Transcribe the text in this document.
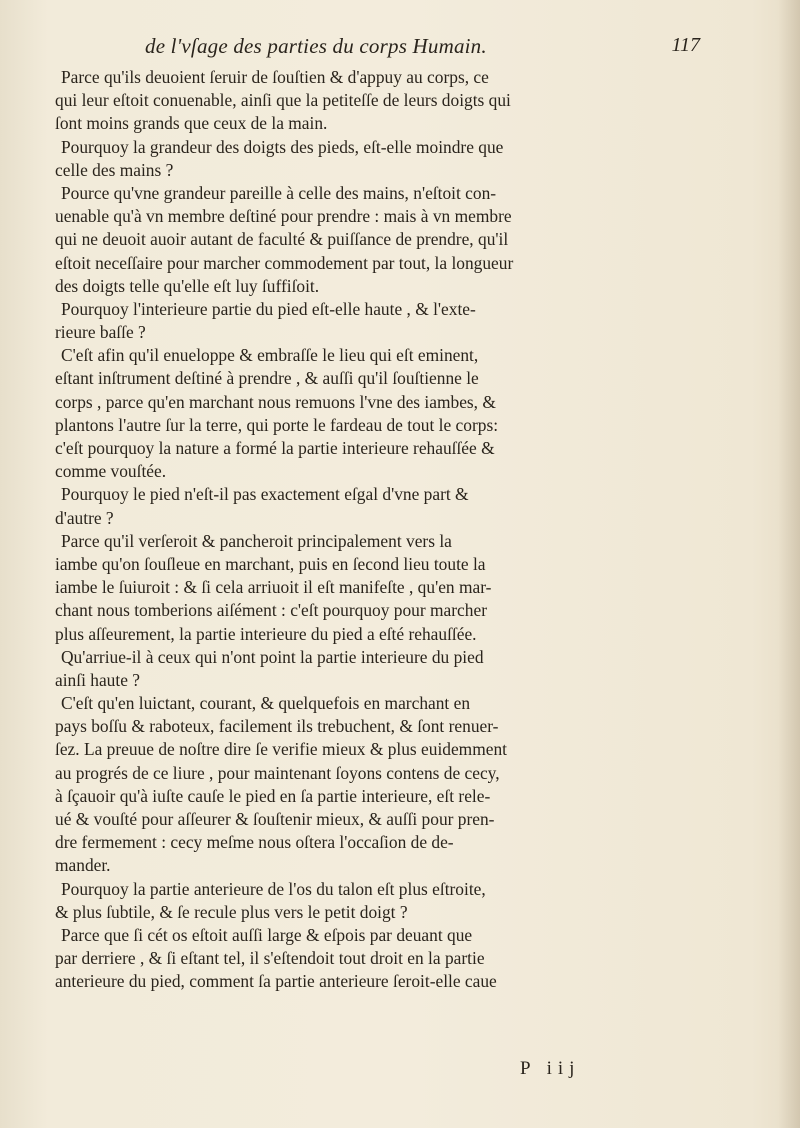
de l'vſage des parties du corps Humain.	117
Parce qu'ils deuoient ſeruir de ſouſtien & d'appuy au corps, ce
qui leur eſtoit conuenable, ainſi que la petiteſſe de leurs doigts qui
ſont moins grands que ceux de la main.
Pourquoy la grandeur des doigts des pieds, eſt-elle moindre que
celle des mains ?
Pource qu'vne grandeur pareille à celle des mains, n'eſtoit con-
uenable qu'à vn membre deſtiné pour prendre : mais à vn membre
qui ne deuoit auoir autant de faculté & puiſſance de prendre, qu'il
eſtoit neceſſaire pour marcher commodement par tout, la longueur
des doigts telle qu'elle eſt luy ſuffiſoit.
Pourquoy l'interieure partie du pied eſt-elle haute , & l'exte-
rieure baſſe ?
C'eſt afin qu'il enueloppe & embraſſe le lieu qui eſt eminent,
eſtant inſtrument deſtiné à prendre , & auſſi qu'il ſouſtienne le
corps , parce qu'en marchant nous remuons l'vne des iambes, &
plantons l'autre ſur la terre, qui porte le fardeau de tout le corps:
c'eſt pourquoy la nature a formé la partie interieure rehauſſée &
comme vouſtée.
Pourquoy le pied n'eſt-il pas exactement eſgal d'vne part &
d'autre ?
Parce qu'il verſeroit & pancheroit principalement vers la
iambe qu'on ſouſleue en marchant, puis en ſecond lieu toute la
iambe le ſuiuroit : & ſi cela arriuoit il eſt manifeſte , qu'en mar-
chant nous tomberions aiſément : c'eſt pourquoy pour marcher
plus aſſeurement, la partie interieure du pied a eſté rehauſſée.
Qu'arriue-il à ceux qui n'ont point la partie interieure du pied
ainſi haute ?
C'eſt qu'en luictant, courant, & quelquefois en marchant en
pays boſſu & raboteux, facilement ils trebuchent, & ſont renuer-
ſez. La preuue de noſtre dire ſe verifie mieux & plus euidemment
au progrés de ce liure , pour maintenant ſoyons contens de cecy,
à ſçauoir qu'à iuſte cauſe le pied en ſa partie interieure, eſt rele-
ué & vouſté pour aſſeurer & ſouſtenir mieux, & auſſi pour pren-
dre fermement : cecy meſme nous oſtera l'occaſion de de-
mander.
Pourquoy la partie anterieure de l'os du talon eſt plus eſtroite,
& plus ſubtile, & ſe recule plus vers le petit doigt ?
Parce que ſi cét os eſtoit auſſi large & eſpois par deuant que
par derriere , & ſi eſtant tel, il s'eſtendoit tout droit en la partie
anterieure du pied, comment ſa partie anterieure ſeroit-elle caue
P iij
